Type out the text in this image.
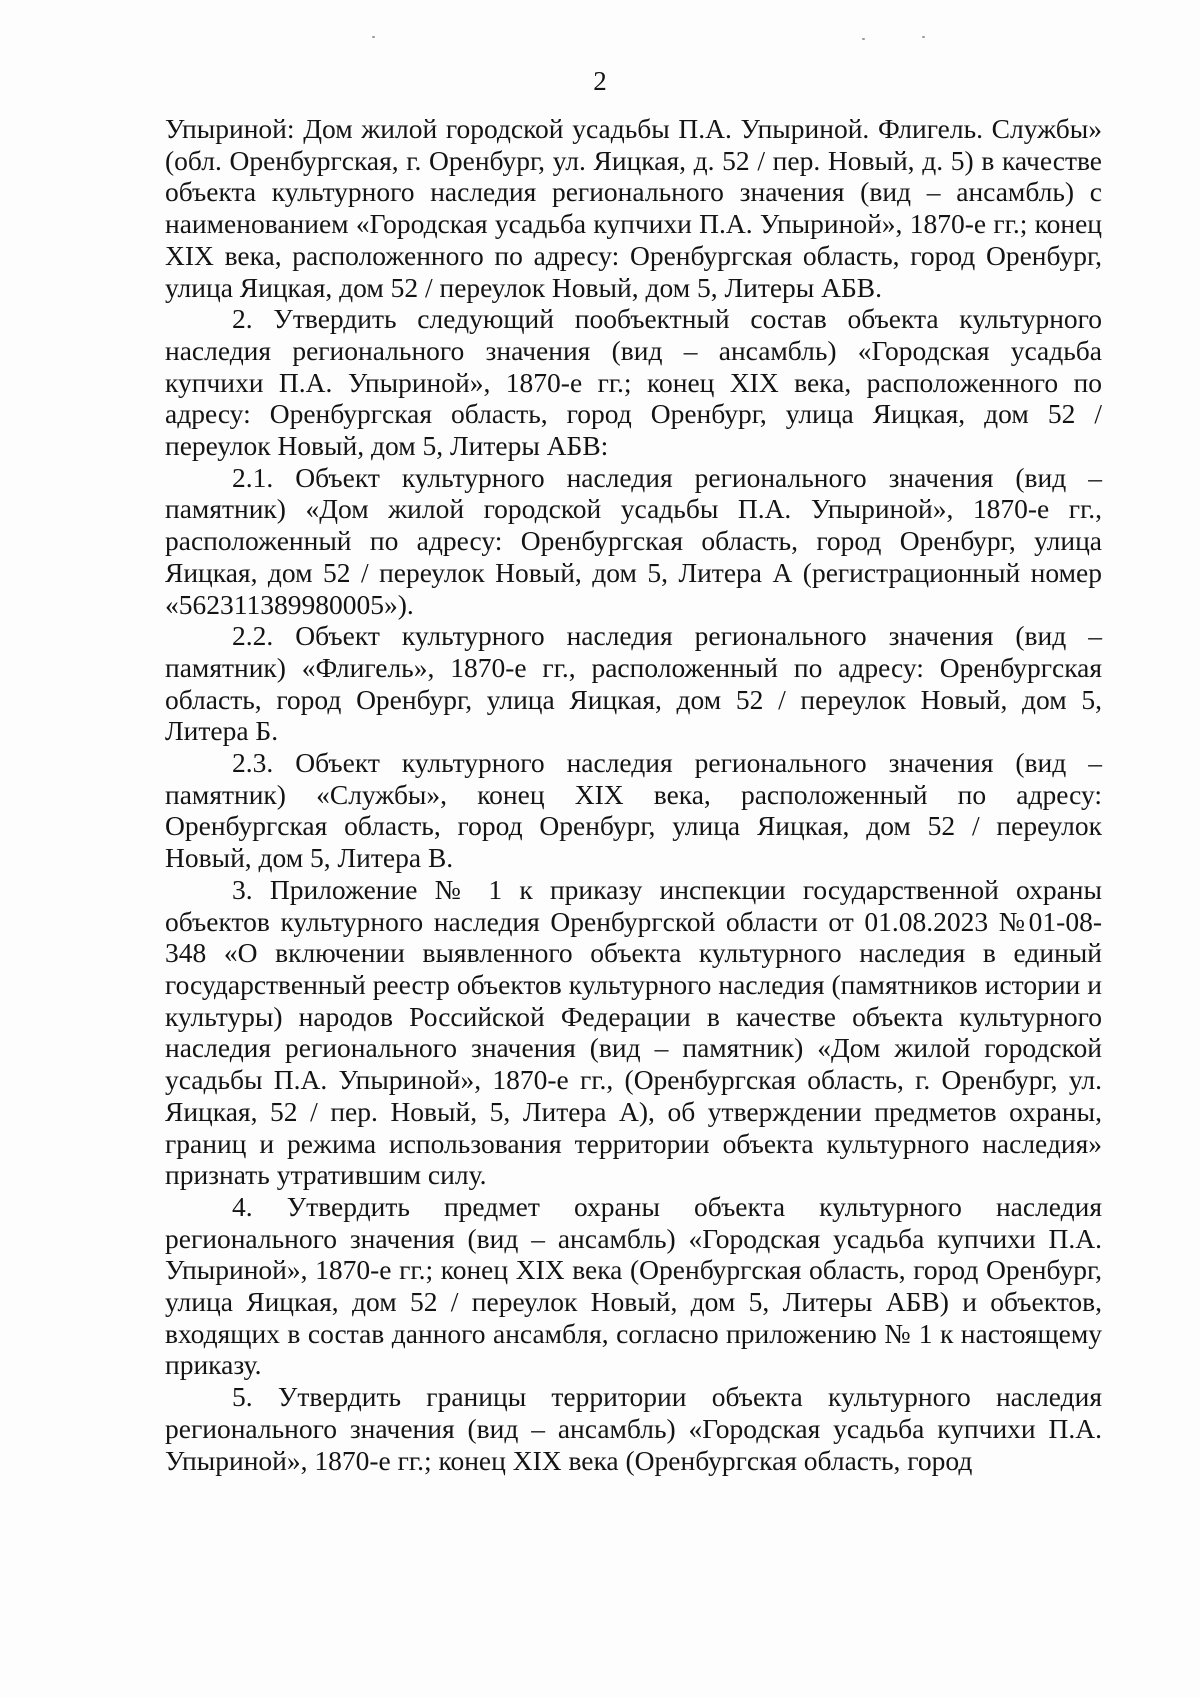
2

Упыриной: Дом жилой городской усадьбы П.А. Упыриной. Флигель. Службы» (обл. Оренбургская, г. Оренбург, ул. Яицкая, д. 52 / пер. Новый, д. 5) в качестве объекта культурного наследия регионального значения (вид – ансамбль) с наименованием «Городская усадьба купчихи П.А. Упыриной», 1870-е гг.; конец XIX века, расположенного по адресу: Оренбургская область, город Оренбург, улица Яицкая, дом 52 / переулок Новый, дом 5, Литеры АБВ.

2. Утвердить следующий пообъектный состав объекта культурного наследия регионального значения (вид – ансамбль) «Городская усадьба купчихи П.А. Упыриной», 1870-е гг.; конец XIX века, расположенного по адресу: Оренбургская область, город Оренбург, улица Яицкая, дом 52 / переулок Новый, дом 5, Литеры АБВ:

2.1. Объект культурного наследия регионального значения (вид – памятник) «Дом жилой городской усадьбы П.А. Упыриной», 1870-е гг., расположенный по адресу: Оренбургская область, город Оренбург, улица Яицкая, дом 52 / переулок Новый, дом 5, Литера А (регистрационный номер «562311389980005»).

2.2. Объект культурного наследия регионального значения (вид – памятник) «Флигель», 1870-е гг., расположенный по адресу: Оренбургская область, город Оренбург, улица Яицкая, дом 52 / переулок Новый, дом 5, Литера Б.

2.3. Объект культурного наследия регионального значения (вид – памятник) «Службы», конец XIX века, расположенный по адресу: Оренбургская область, город Оренбург, улица Яицкая, дом 52 / переулок Новый, дом 5, Литера В.

3. Приложение № 1 к приказу инспекции государственной охраны объектов культурного наследия Оренбургской области от 01.08.2023 №01-08-348 «О включении выявленного объекта культурного наследия в единый государственный реестр объектов культурного наследия (памятников истории и культуры) народов Российской Федерации в качестве объекта культурного наследия регионального значения (вид – памятник) «Дом жилой городской усадьбы П.А. Упыриной», 1870-е гг., (Оренбургская область, г. Оренбург, ул. Яицкая, 52 / пер. Новый, 5, Литера А), об утверждении предметов охраны, границ и режима использования территории объекта культурного наследия» признать утратившим силу.

4. Утвердить предмет охраны объекта культурного наследия регионального значения (вид – ансамбль) «Городская усадьба купчихи П.А. Упыриной», 1870-е гг.; конец XIX века (Оренбургская область, город Оренбург, улица Яицкая, дом 52 / переулок Новый, дом 5, Литеры АБВ) и объектов, входящих в состав данного ансамбля, согласно приложению № 1 к настоящему приказу.

5. Утвердить границы территории объекта культурного наследия регионального значения (вид – ансамбль) «Городская усадьба купчихи П.А. Упыриной», 1870-е гг.; конец XIX века (Оренбургская область, город
